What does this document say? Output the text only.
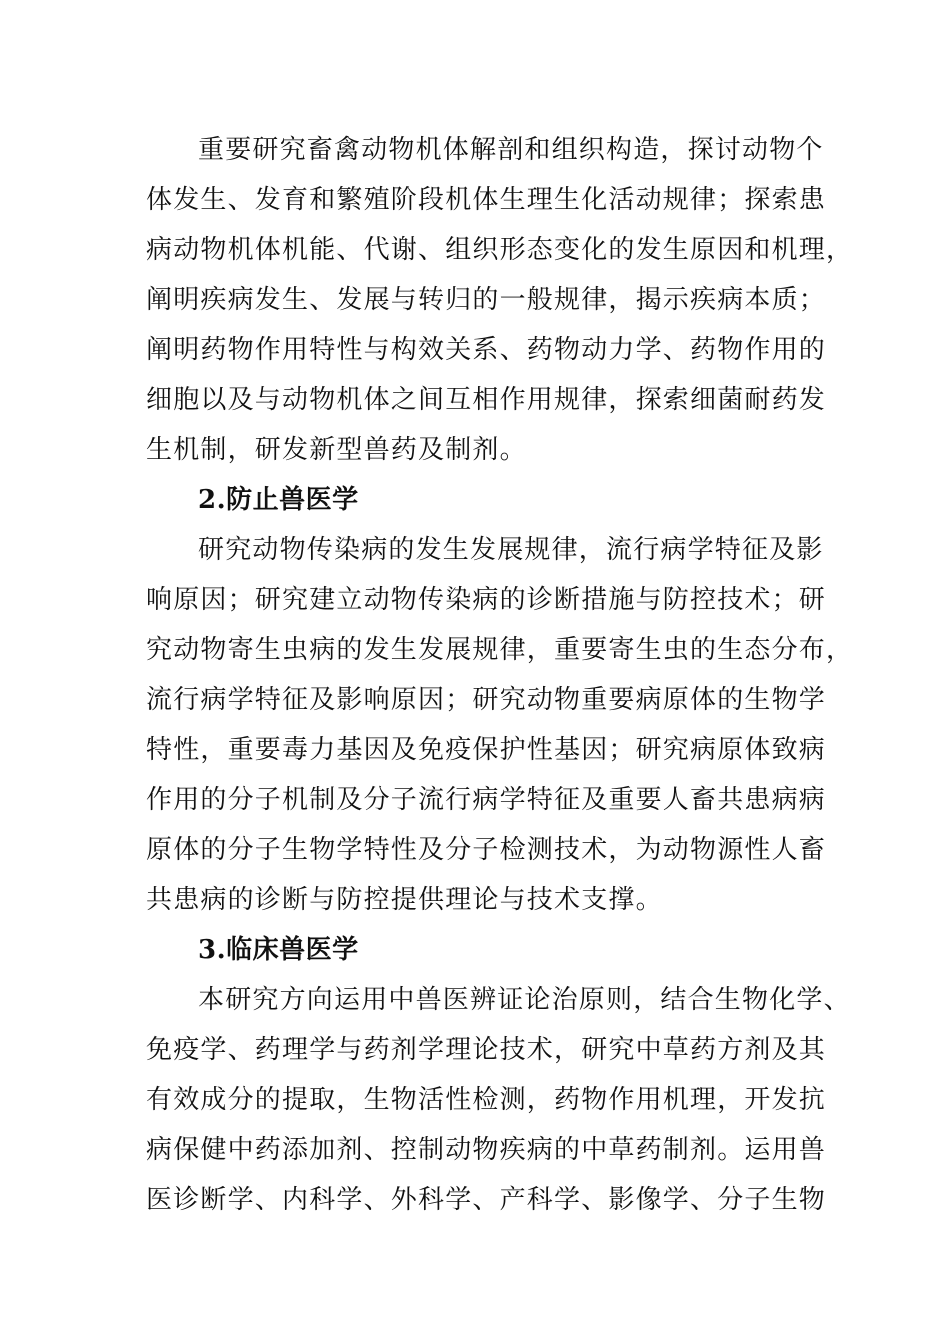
重要研究畜禽动物机体解剖和组织构造，探讨动物个
体发生、发育和繁殖阶段机体生理生化活动规律；探索患
病动物机体机能、代谢、组织形态变化的发生原因和机理，
阐明疾病发生、发展与转归的一般规律，揭示疾病本质；
阐明药物作用特性与构效关系、药物动力学、药物作用的
细胞以及与动物机体之间互相作用规律，探索细菌耐药发
生机制，研发新型兽药及制剂。
2.防止兽医学
研究动物传染病的发生发展规律，流行病学特征及影
响原因；研究建立动物传染病的诊断措施与防控技术；研
究动物寄生虫病的发生发展规律，重要寄生虫的生态分布，
流行病学特征及影响原因；研究动物重要病原体的生物学
特性，重要毒力基因及免疫保护性基因；研究病原体致病
作用的分子机制及分子流行病学特征及重要人畜共患病病
原体的分子生物学特性及分子检测技术，为动物源性人畜
共患病的诊断与防控提供理论与技术支撑。
3.临床兽医学
本研究方向运用中兽医辨证论治原则，结合生物化学、
免疫学、药理学与药剂学理论技术，研究中草药方剂及其
有效成分的提取，生物活性检测，药物作用机理，开发抗
病保健中药添加剂、控制动物疾病的中草药制剂。运用兽
医诊断学、内科学、外科学、产科学、影像学、分子生物
